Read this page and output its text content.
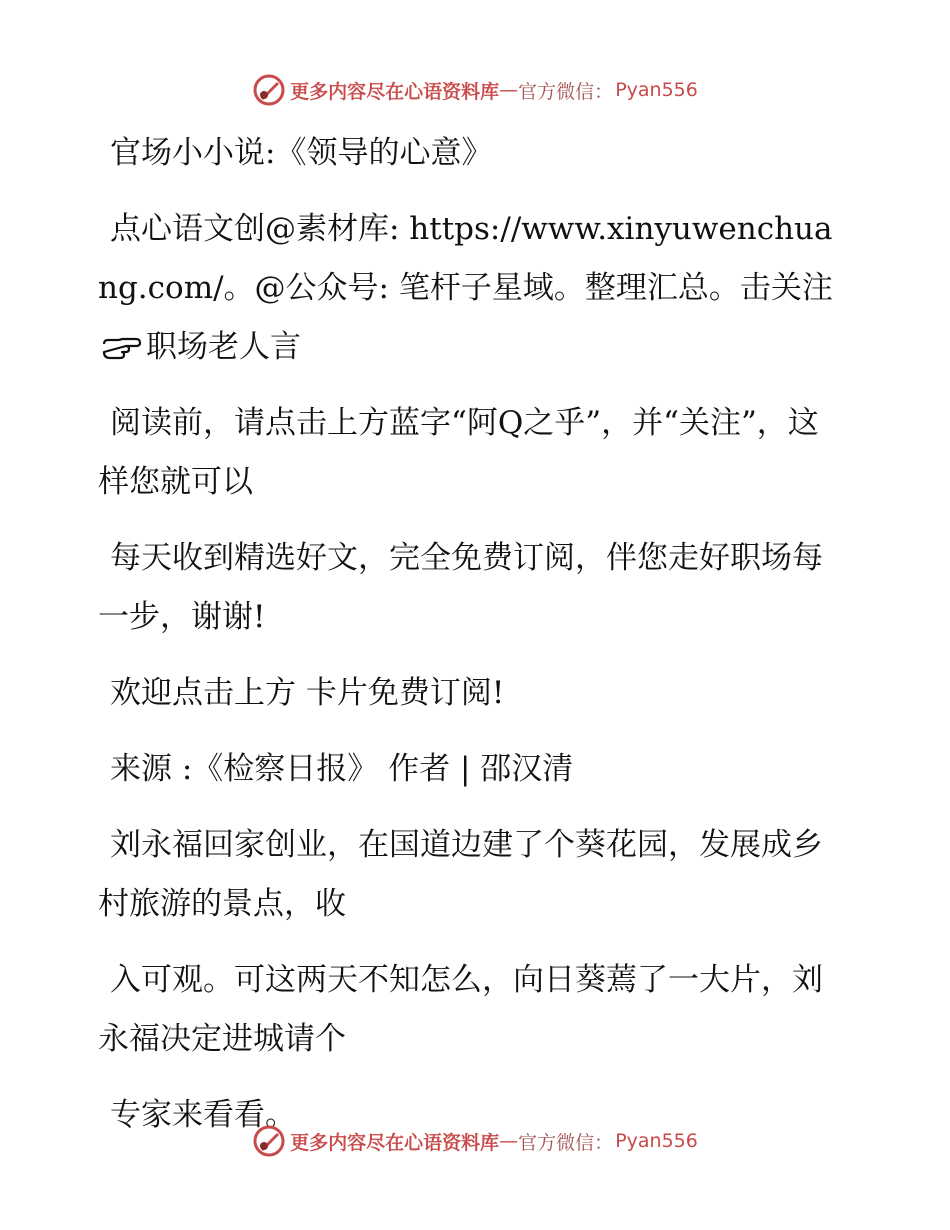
更多内容尽在心语资料库 — 官方微信： Pyan556

官场小小说:《领导的心意》

点心语文创@素材库: https://www.xinyuwenchuang.com/。@公众号: 笔杆子星域。整理汇总。击关注职场老人言

阅读前，请点击上方蓝字“阿Q之乎”，并“关注”，这样您就可以

每天收到精选好文，完全免费订阅，伴您走好职场每一步，谢谢!

欢迎点击上方 卡片免费订阅!

来源 :《检察日报》 作者 | 邵汉清

刘永福回家创业，在国道边建了个葵花园，发展成乡村旅游的景点，收

入可观。可这两天不知怎么，向日葵蔫了一大片，刘永福决定进城请个

专家来看看。

更多内容尽在心语资料库 — 官方微信： Pyan556
